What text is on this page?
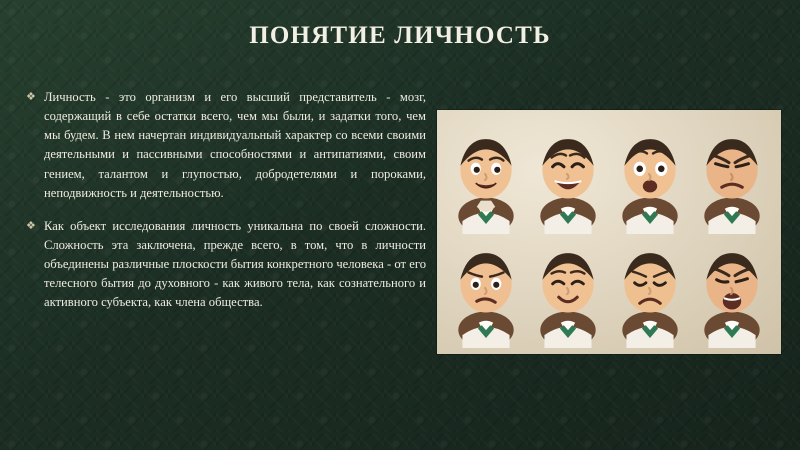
ПОНЯТИЕ ЛИЧНОСТЬ
❖ Личность - это организм и его высший представитель - мозг, содержащий в себе остатки всего, чем мы были, и задатки того, чем мы будем. В нем начертан индивидуальный характер со всеми своими деятельными и пассивными способностями и антипатиями, своим гением, талантом и глупостью, добродетелями и пороками, неподвижность и деятельностью.
❖ Как объект исследования личность уникальна по своей сложности. Сложность эта заключена, прежде всего, в том, что в личности объединены различные плоскости бытия конкретного человека - от его телесного бытия до духовного - как живого тела, как сознательного и активного субъекта, как члена общества.
